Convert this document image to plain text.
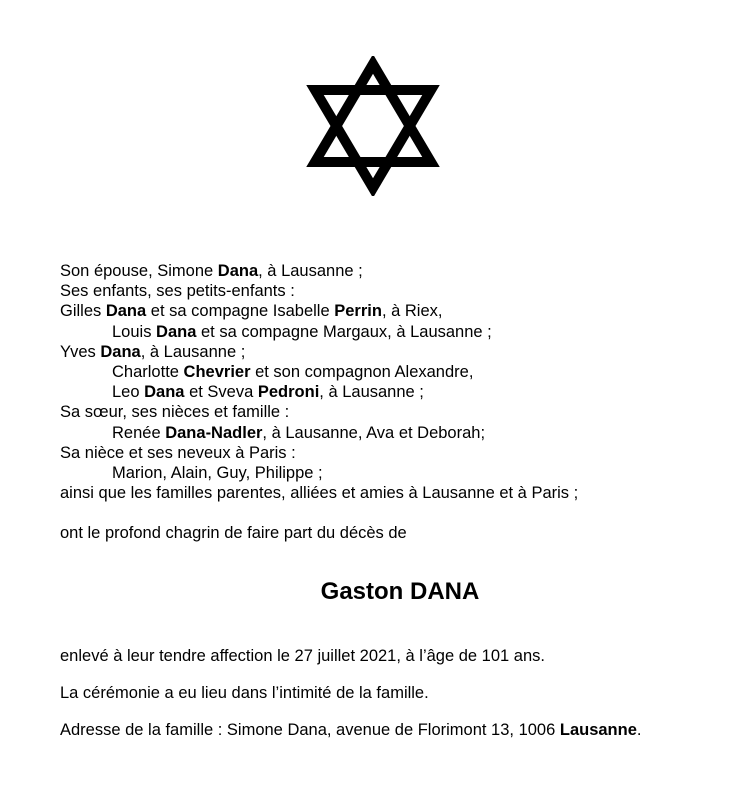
Son épouse, Simone Dana, à Lausanne ;
Ses enfants, ses petits-enfants :
Gilles Dana et sa compagne Isabelle Perrin, à Riex,
Louis Dana et sa compagne Margaux, à Lausanne ;
Yves Dana, à Lausanne ;
Charlotte Chevrier et son compagnon Alexandre,
Leo Dana et Sveva Pedroni, à Lausanne ;
Sa sœur, ses nièces et famille :
Renée Dana-Nadler, à Lausanne, Ava et Deborah;
Sa nièce et ses neveux à Paris :
Marion, Alain, Guy, Philippe ;
ainsi que les familles parentes, alliées et amies à Lausanne et à Paris ;

ont le profond chagrin de faire part du décès de

Gaston DANA

enlevé à leur tendre affection le 27 juillet 2021, à l’âge de 101 ans.

La cérémonie a eu lieu dans l’intimité de la famille.

Adresse de la famille : Simone Dana, avenue de Florimont 13, 1006 Lausanne.
